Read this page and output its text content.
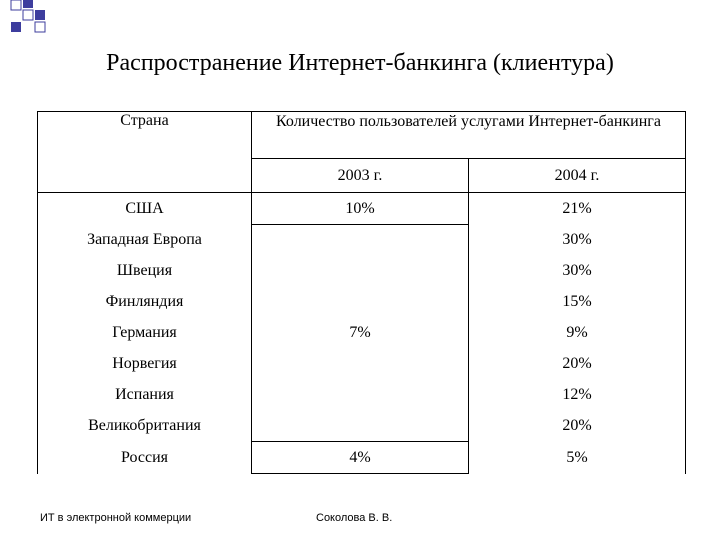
Распространение Интернет-банкинга (клиентура)
Страна	Количество пользователей услугами Интернет-банкинга	
	2003 г.	2004 г.
США	10%	21%
Западная Европа	7%	30%
Швеция		30%
Финляндия		15%
Германия		9%
Норвегия		20%
Испания		12%
Великобритания		20%
Россия	4%	5%
ИТ в электронной коммерции	Соколова В. В.
